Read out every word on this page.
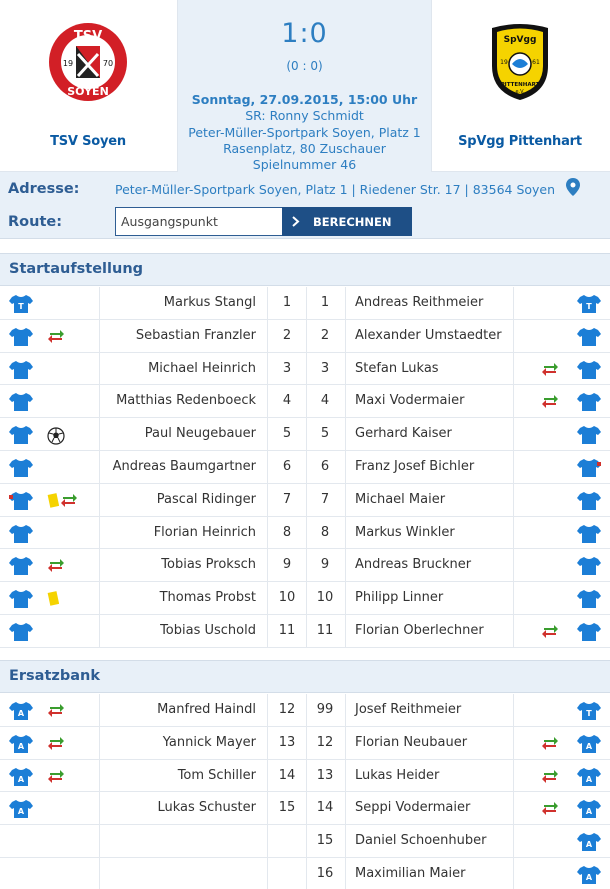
TSV
SOYEN
19	70
TSV Soyen
1:0
(0 : 0)
Sonntag, 27.09.2015, 15:00 Uhr
SR: Ronny Schmidt
Peter-Müller-Sportpark Soyen, Platz 1
Rasenplatz, 80 Zuschauer
Spielnummer 46
SpVgg
19	61
PITTENHART
e.V.
SpVgg Pittenhart
Adresse:	Peter-Müller-Sportpark Soyen, Platz 1 | Riedener Str. 17 | 83564 Soyen
Route:
Ausgangspunkt	BERECHNEN
Startaufstellung
T	T
Markus Stangl	1	1	Andreas Reithmeier
Sebastian Franzler	2	2	Alexander Umstaedter
Michael Heinrich	3	3	Stefan Lukas
Matthias Redenboeck	4	4	Maxi Vodermaier
Paul Neugebauer	5	5	Gerhard Kaiser
Andreas Baumgartner	6	6	Franz Josef Bichler
Pascal Ridinger	7	7	Michael Maier
Florian Heinrich	8	8	Markus Winkler
Tobias Proksch	9	9	Andreas Bruckner
Thomas Probst	10	10	Philipp Linner
Tobias Uschold	11	11	Florian Oberlechner
Ersatzbank
A	T
Manfred Haindl	12	99	Josef Reithmeier
A	A
Yannick Mayer	13	12	Florian Neubauer
A	A
Tom Schiller	14	13	Lukas Heider
A	A
Lukas Schuster	15	14	Seppi Vodermaier
A
15	Daniel Schoenhuber
A
16	Maximilian Maier
